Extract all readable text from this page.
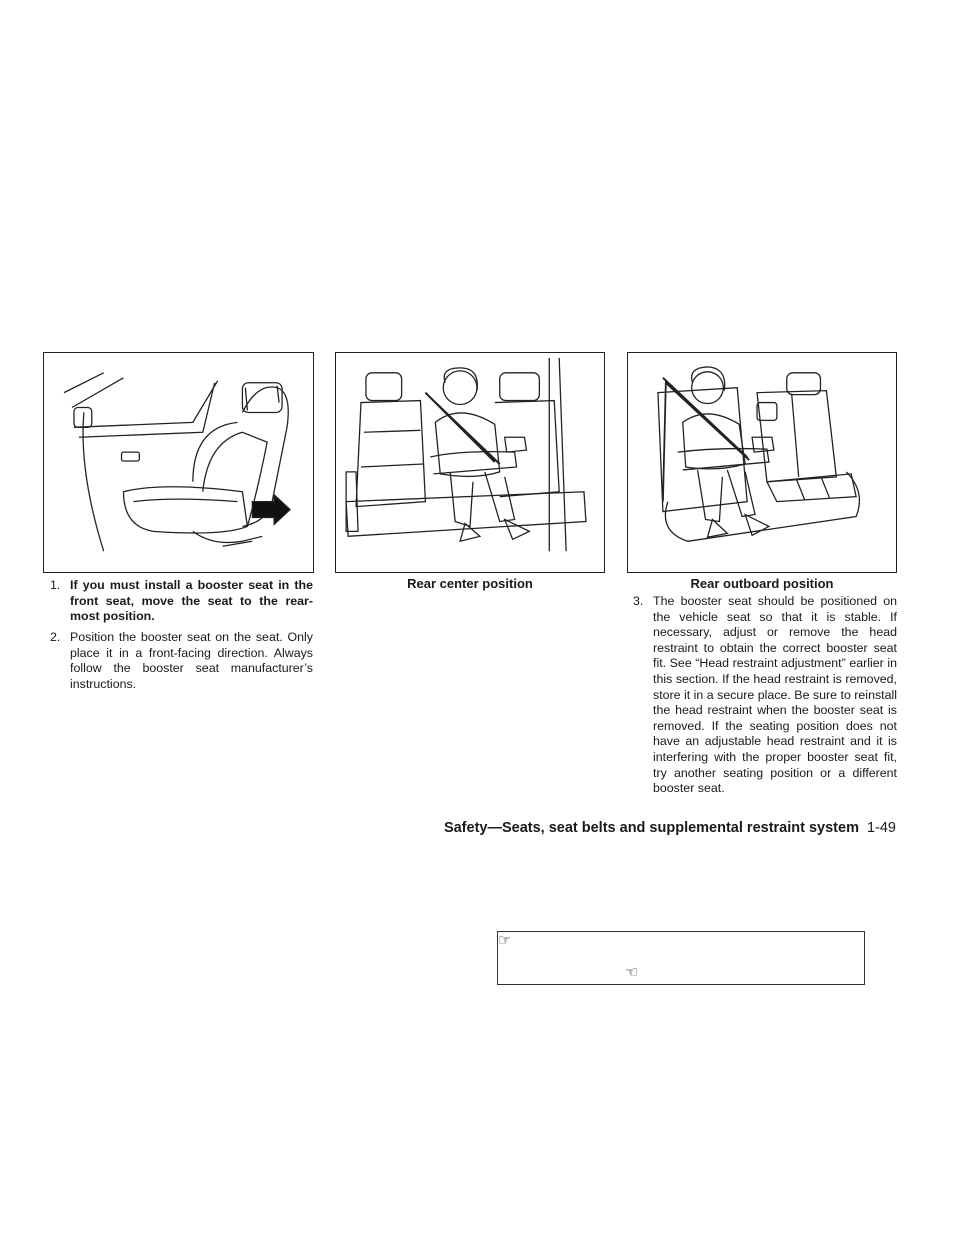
Rear center position	Rear outboard position
1. If you must install a booster seat in the front seat, move the seat to the rear-most position.
2. Position the booster seat on the seat. Only place it in a front-facing direction. Always follow the booster seat manufacturer’s instructions.
3. The booster seat should be positioned on the vehicle seat so that it is stable. If necessary, adjust or remove the head restraint to obtain the correct booster seat fit. See “Head restraint adjustment” earlier in this section. If the head restraint is removed, store it in a secure place. Be sure to reinstall the head restraint when the booster seat is removed. If the seating position does not have an adjustable head restraint and it is interfering with the proper booster seat fit, try another seating position or a different booster seat.
Safety—Seats, seat belts and supplemental restraint system 1-49
☞
☜
